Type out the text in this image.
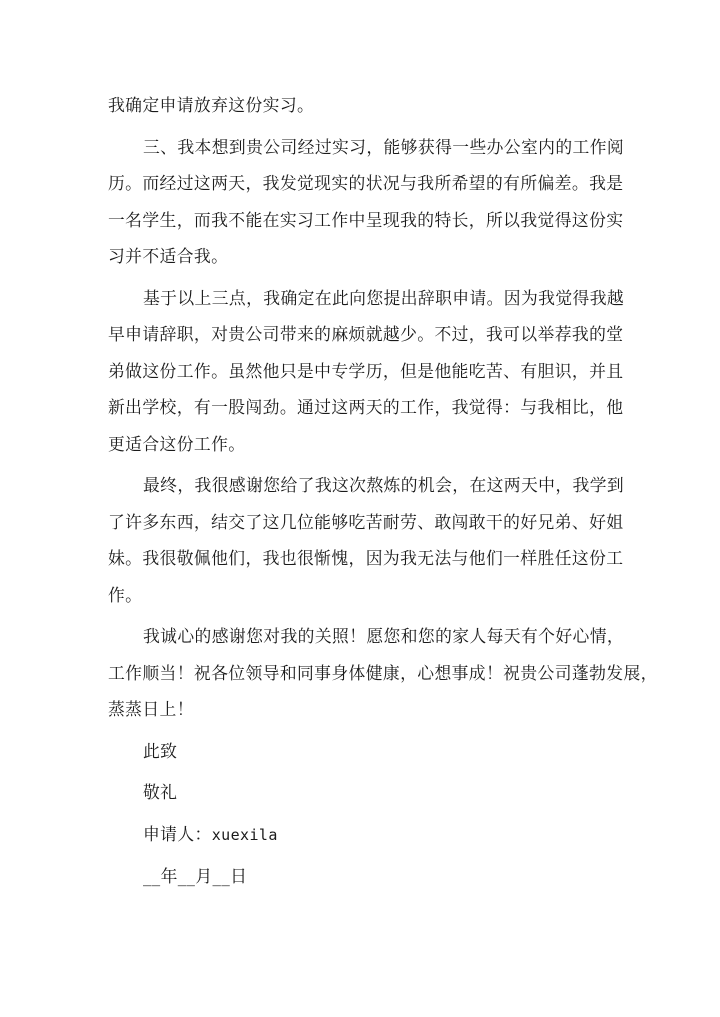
我确定申请放弃这份实习。

三、我本想到贵公司经过实习，能够获得一些办公室内的工作阅
历。而经过这两天，我发觉现实的状况与我所希望的有所偏差。我是
一名学生，而我不能在实习工作中呈现我的特长，所以我觉得这份实
习并不适合我。

基于以上三点，我确定在此向您提出辞职申请。因为我觉得我越
早申请辞职，对贵公司带来的麻烦就越少。不过，我可以举荐我的堂
弟做这份工作。虽然他只是中专学历，但是他能吃苦、有胆识，并且
新出学校，有一股闯劲。通过这两天的工作，我觉得：与我相比，他
更适合这份工作。

最终，我很感谢您给了我这次熬炼的机会，在这两天中，我学到
了许多东西，结交了这几位能够吃苦耐劳、敢闯敢干的好兄弟、好姐
妹。我很敬佩他们，我也很惭愧，因为我无法与他们一样胜任这份工
作。

我诚心的感谢您对我的关照！愿您和您的家人每天有个好心情，
工作顺当！祝各位领导和同事身体健康，心想事成！祝贵公司蓬勃发展，
蒸蒸日上！

此致

敬礼

申请人：xuexila

__年__月__日
